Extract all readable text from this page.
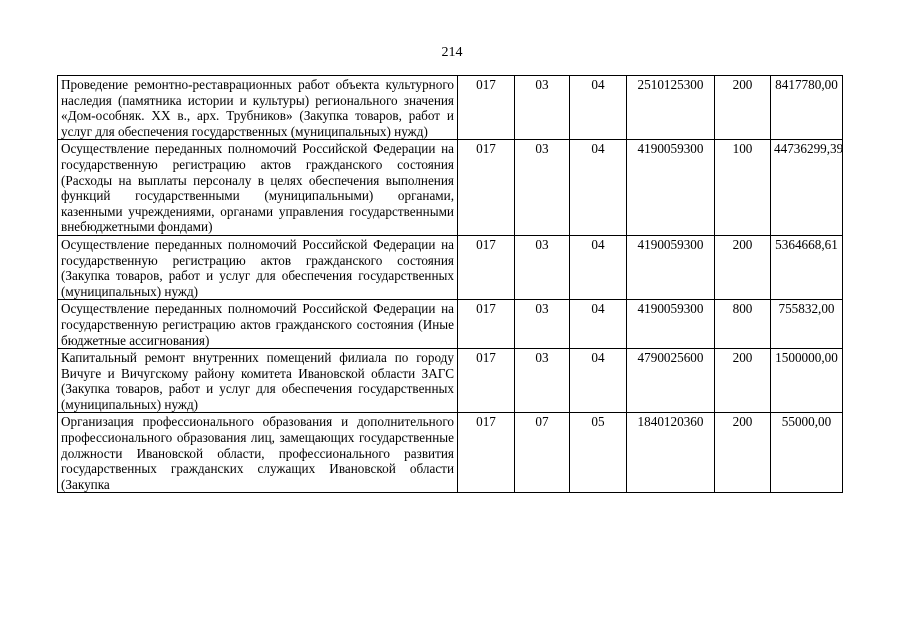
214
Проведение ремонтно-реставрационных работ объекта культурного наследия (памятника истории и культуры) регионального значения «Дом-особняк. XX в., арх. Трубников» (Закупка товаров, работ и услуг для обеспечения государственных (муниципальных) нужд)	017	03	04	2510125300	200	8417780,00
Осуществление переданных полномочий Российской Федерации на государственную регистрацию актов гражданского состояния (Расходы на выплаты персоналу в целях обеспечения выполнения функций государственными (муниципальными) органами, казенными учреждениями, органами управления государственными внебюджетными фондами)	017	03	04	4190059300	100	44736299,39
Осуществление переданных полномочий Российской Федерации на государственную регистрацию актов гражданского состояния (Закупка товаров, работ и услуг для обеспечения государственных (муниципальных) нужд)	017	03	04	4190059300	200	5364668,61
Осуществление переданных полномочий Российской Федерации на государственную регистрацию актов гражданского состояния (Иные бюджетные ассигнования)	017	03	04	4190059300	800	755832,00
Капитальный ремонт внутренних помещений филиала по городу Вичуге и Вичугскому району комитета Ивановской области ЗАГС (Закупка товаров, работ и услуг для обеспечения государственных (муниципальных) нужд)	017	03	04	4790025600	200	1500000,00
Организация профессионального образования и дополнительного профессионального образования лиц, замещающих государственные должности Ивановской области, профессионального развития государственных гражданских служащих Ивановской области (Закупка	017	07	05	1840120360	200	55000,00
